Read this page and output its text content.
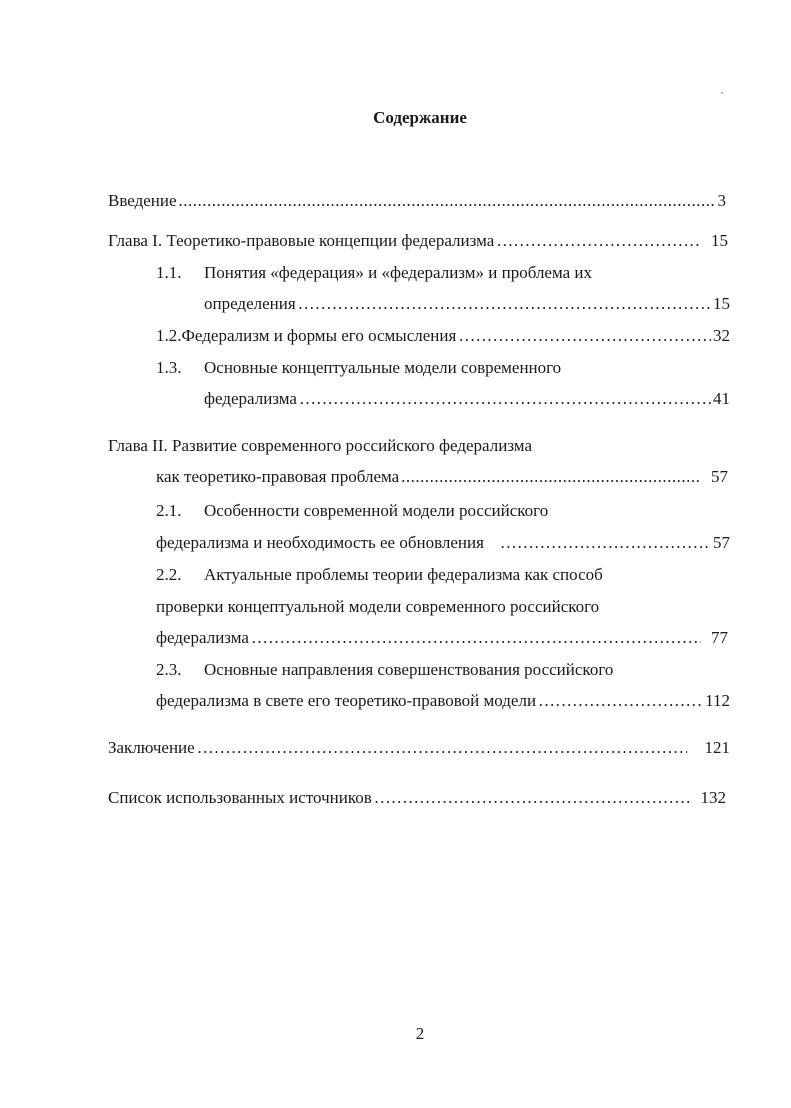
Содержание
Введение .....	3
Глава I. Теоретико-правовые концепции федерализма …………………………………………………………………………………………………………………………………………………………………………	15
1.1.	Понятия «федерация» и «федерализм» и проблема их
определения …………………………………………………………………………………………………………………………………………………………………………	15
1.2. Федерализм и формы его осмысления …………………………………………………………………………………………………………………………………………………………………………	32
1.3.	Основные концептуальные модели современного
федерализма …………………………………………………………………………………………………………………………………………………………………………	41
Глава II. Развитие современного российского федерализма
как теоретико-правовая проблема .....	57
2.1.	Особенности современной модели российского
федерализма и необходимость ее обновления …………………………………………………………………………………………………………………………………………………………………………	57
2.2.	Актуальные проблемы теории федерализма как способ
проверки концептуальной модели современного российского
федерализма …………………………………………………………………………………………………………………………………………………………………………	77
2.3.	Основные направления совершенствования российского
федерализма в свете его теоретико-правовой модели …………………………………………………………………………………………………………………………………………………………………………	112
Заключение …………………………………………………………………………………………………………………………………………………………………………	121
Список использованных источников …………………………………………………………………………………………………………………………………………………………………………	132
2
